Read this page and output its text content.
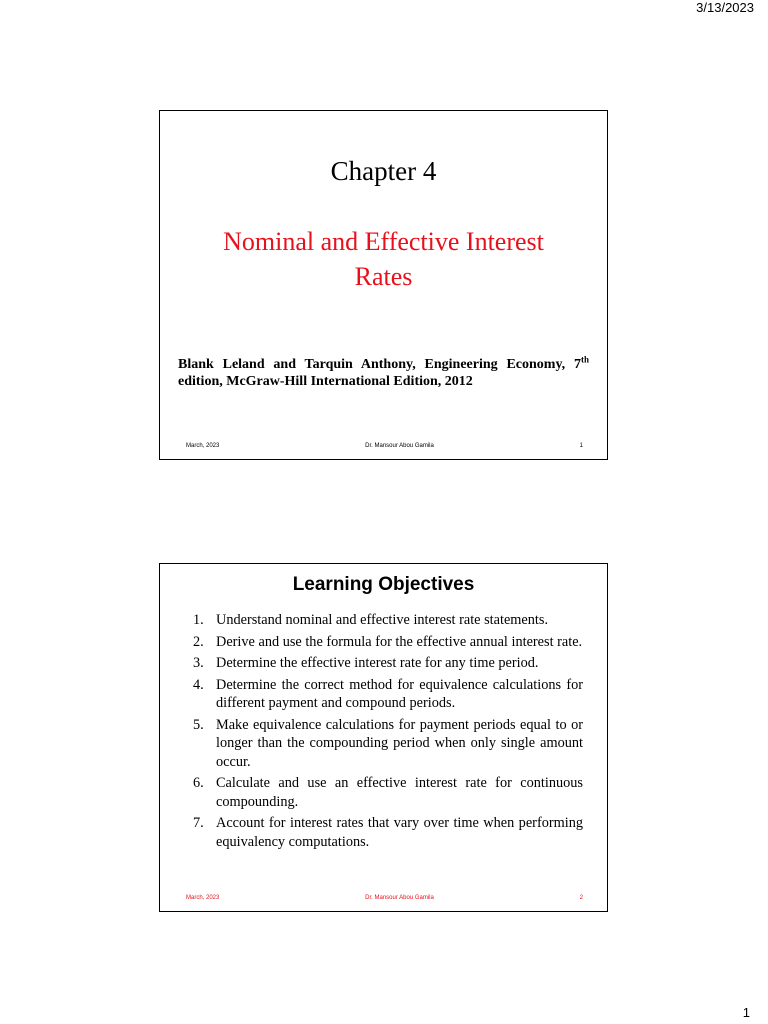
3/13/2023
Chapter 4
Nominal and Effective Interest
Rates

Blank Leland and Tarquin Anthony, Engineering Economy, 7th edition, McGraw-Hill International Edition, 2012

March, 2023	Dr. Mansour Abou Gamila	1
Learning Objectives
1. Understand nominal and effective interest rate statements.
2. Derive and use the formula for the effective annual interest rate.
3. Determine the effective interest rate for any time period.
4. Determine the correct method for equivalence calculations for different payment and compound periods.
5. Make equivalence calculations for payment periods equal to or longer than the compounding period when only single amount occur.
6. Calculate and use an effective interest rate for continuous compounding.
7. Account for interest rates that vary over time when performing equivalency computations.
March, 2023	Dr. Mansour Abou Gamila	2
1
